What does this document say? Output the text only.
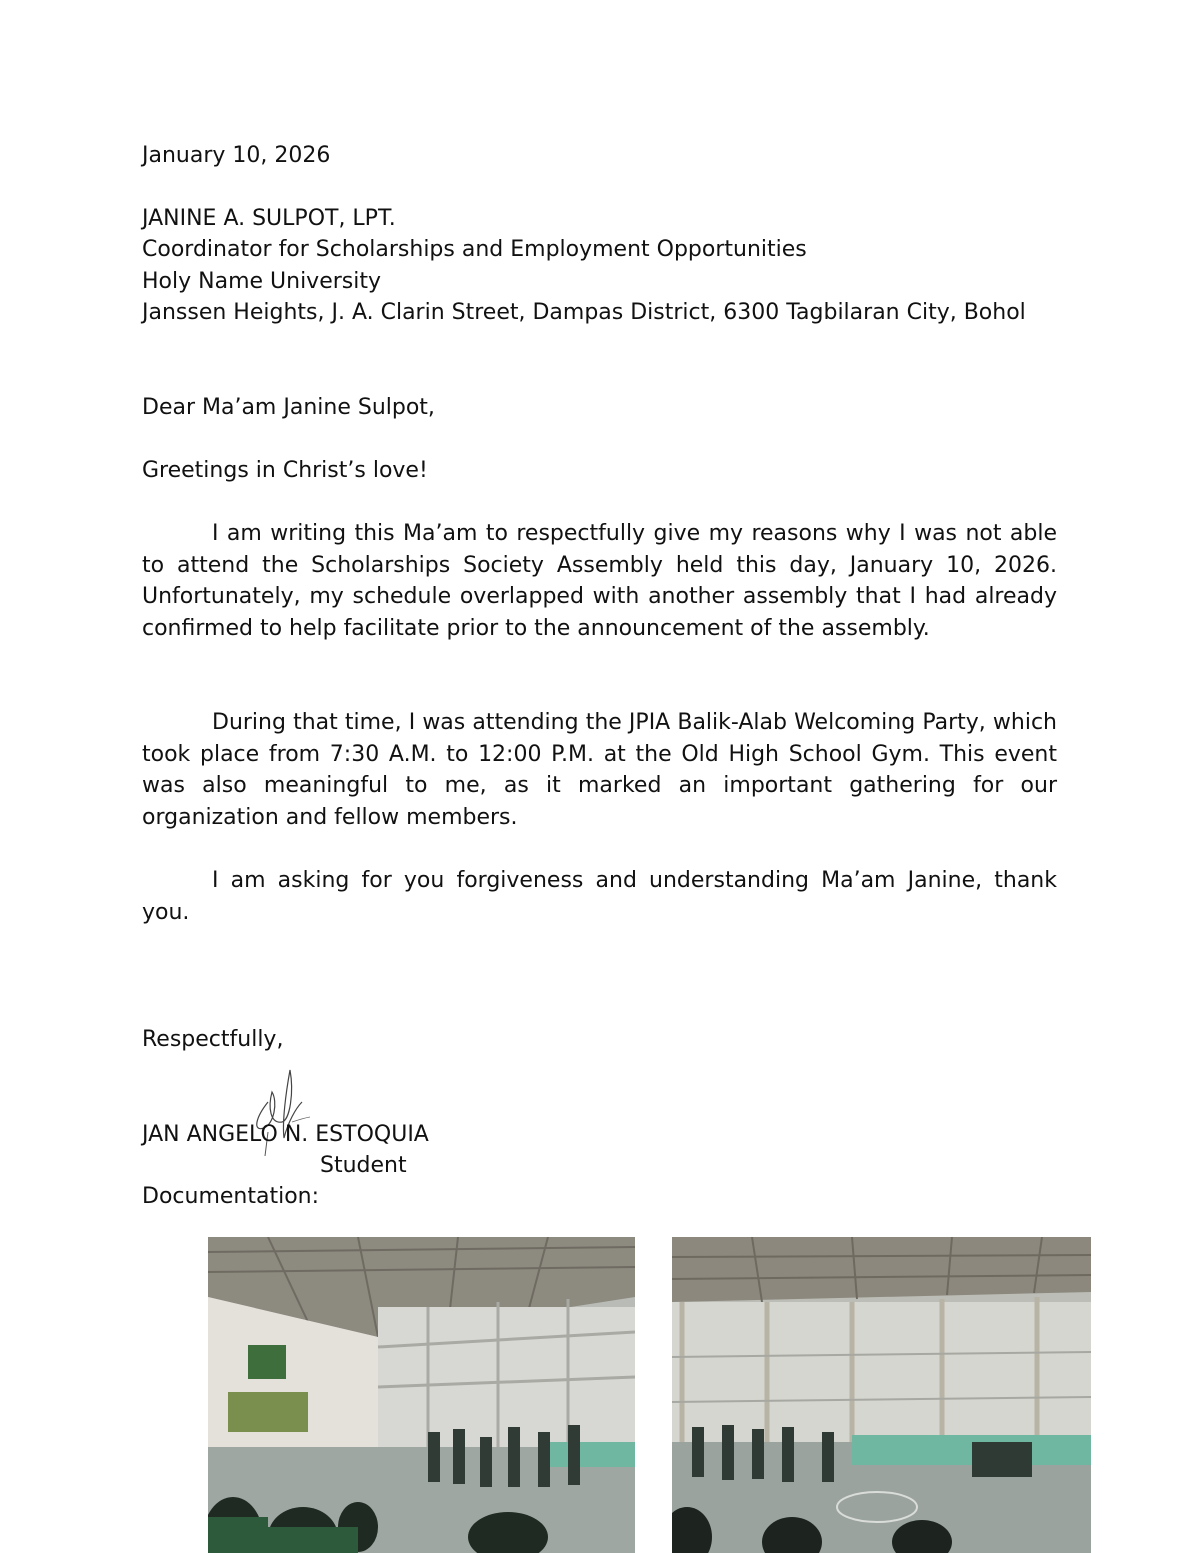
January 10, 2026

JANINE A. SULPOT, LPT.

Coordinator for Scholarships and Employment Opportunities

Holy Name University

Janssen Heights, J. A. Clarin Street, Dampas District, 6300 Tagbilaran City, Bohol

Dear Ma’am Janine Sulpot,

Greetings in Christ’s love!

I am writing this Ma’am to respectfully give my reasons why I was not able to attend the Scholarships Society Assembly held this day, January 10, 2026. Unfortunately, my schedule overlapped with another assembly that I had already confirmed to help facilitate prior to the announcement of the assembly.

During that time, I was attending the JPIA Balik-Alab Welcoming Party, which took place from 7:30 A.M. to 12:00 P.M. at the Old High School Gym. This event was also meaningful to me, as it marked an important gathering for our organization and fellow members.

I am asking for you forgiveness and understanding Ma’am Janine, thank you.

Respectfully,

JAN ANGELO N. ESTOQUIA

Student

Documentation:
